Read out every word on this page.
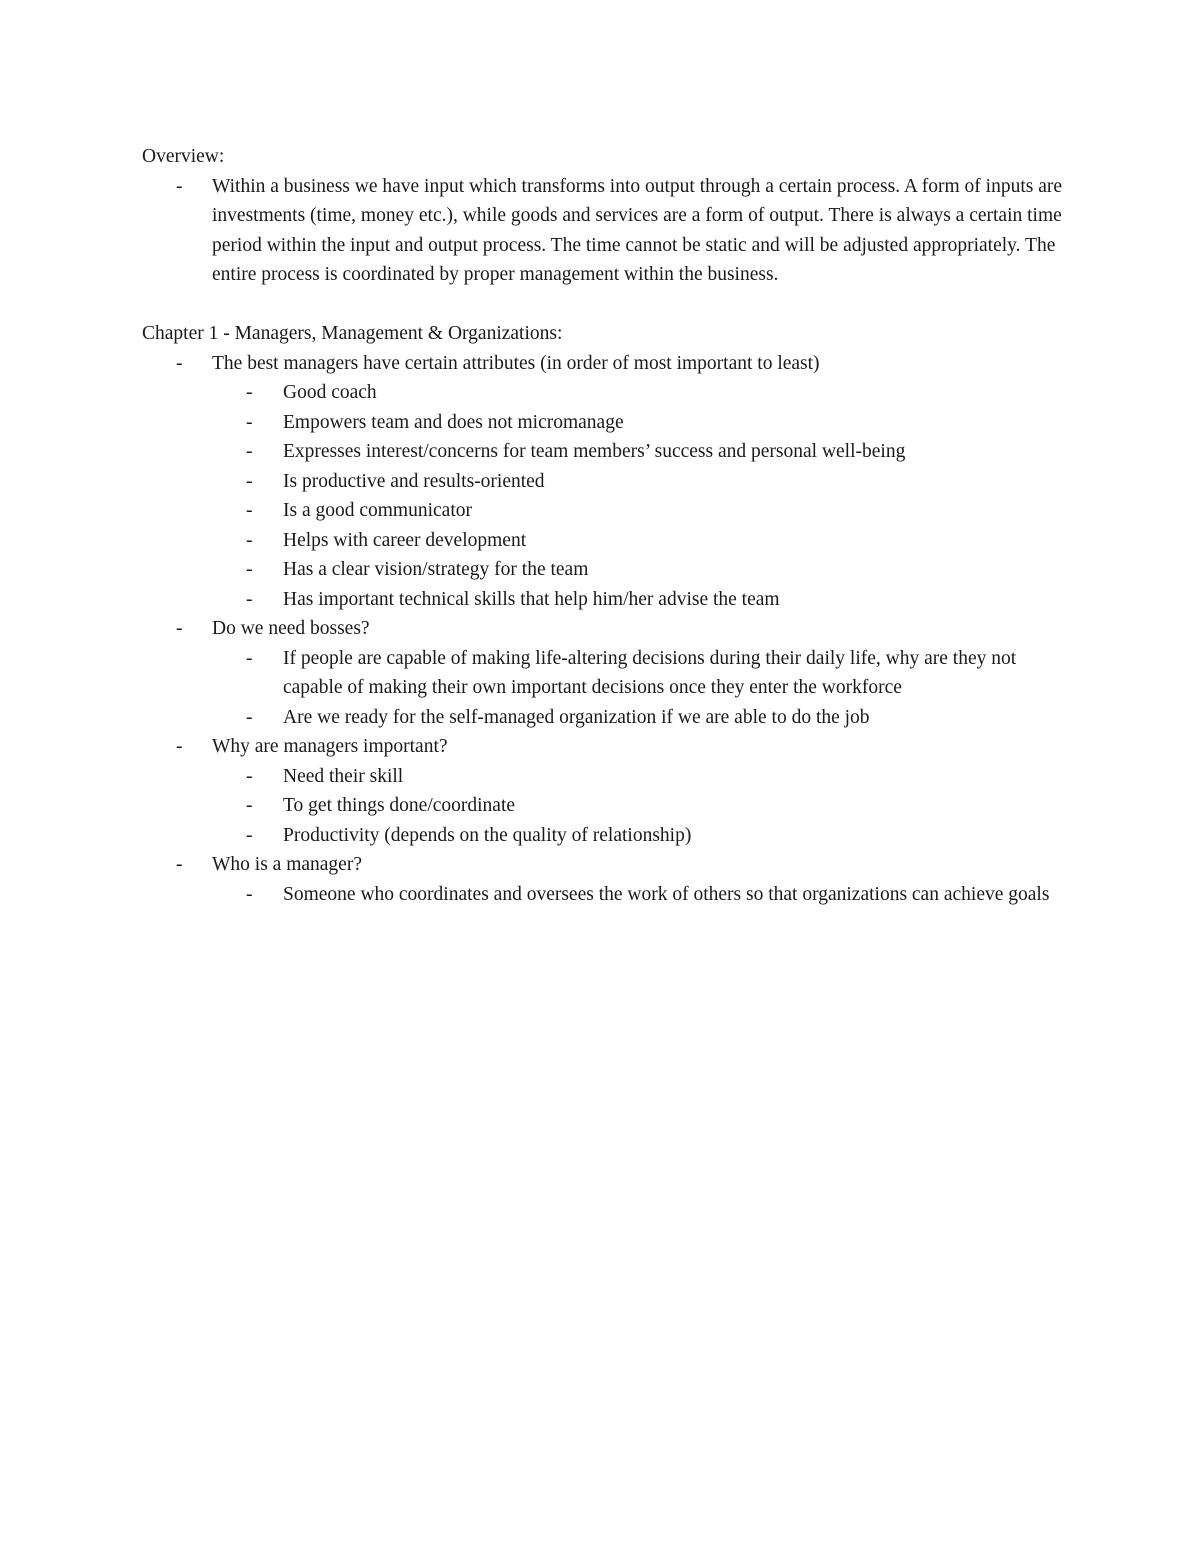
Overview:

- Within a business we have input which transforms into output through a certain process. A form of inputs are investments (time, money etc.), while goods and services are a form of output. There is always a certain time period within the input and output process. The time cannot be static and will be adjusted appropriately. The entire process is coordinated by proper management within the business.

Chapter 1 - Managers, Management & Organizations:

- The best managers have certain attributes (in order of most important to least)
- Good coach
- Empowers team and does not micromanage
- Expresses interest/concerns for team members’ success and personal well-being
- Is productive and results-oriented
- Is a good communicator
- Helps with career development
- Has a clear vision/strategy for the team
- Has important technical skills that help him/her advise the team
- Do we need bosses?
- If people are capable of making life-altering decisions during their daily life, why are they not capable of making their own important decisions once they enter the workforce
- Are we ready for the self-managed organization if we are able to do the job
- Why are managers important?
- Need their skill
- To get things done/coordinate
- Productivity (depends on the quality of relationship)
- Who is a manager?
- Someone who coordinates and oversees the work of others so that organizations can achieve goals
